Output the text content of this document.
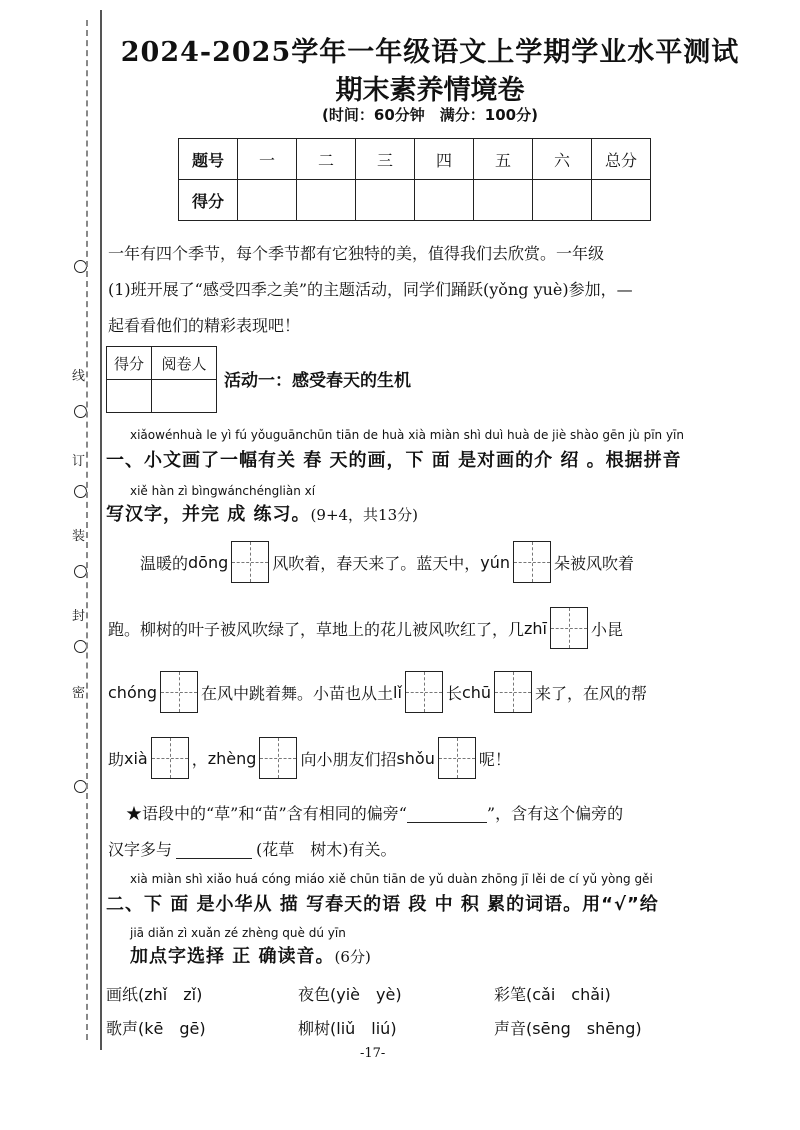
线
订
装
封
密
2024-2025学年一年级语文上学期学业水平测试
期末素养情境卷
(时间：60分钟　满分：100分)
题号	一	二	三	四	五	六	总分
得分							
一年有四个季节，每个季节都有它独特的美，值得我们去欣赏。一年级
(1)班开展了“感受四季之美”的主题活动，同学们踊跃(yǒng yuè)参加，—
起看看他们的精彩表现吧！
得分	阅卷人

活动一：感受春天的生机
xiǎowénhuà le yì fú yǒuguānchūn tiān de huà xià miàn shì duì huà de jiè shào gēn jù pīn yīn
一、小文画了一幅有关 春 天的画，下 面 是对画的介 绍 。根据拼音
xiě hàn zì bìngwánchéngliàn xí
写汉字，并完 成 练习。(9+4，共13分)
温暖的 dōng	风吹着，春天来了。蓝天中， yún	朵被风吹着
跑。柳树的叶子被风吹绿了，草地上的花儿被风吹红了，几 zhī	小昆
chóng	在风中跳着舞。小苗也从土 lǐ	长 chū	来了，在风的帮
助 xià	， zhèng	向小朋友们招 shǒu	呢！
★语段中的“草”和“苗”含有相同的偏旁“	”，含有这个偏旁的
汉字多与	(花草　树木)有关。
xià miàn shì xiǎo huá cóng miáo xiě chūn tiān de yǔ duàn zhōng jī lěi de cí yǔ yòng gěi
二、下 面 是小华从 描 写春天的语 段 中 积 累的词语。用“√”给
jiā diǎn zì xuǎn zé zhèng què dú yīn
加点字选择 正 确读音。(6分)
画纸(zhǐ　zǐ)	夜色(yiè　yè)	彩笔(cǎi　chǎi)
歌声(kē　gē)	柳树(liǔ　liú)	声音(sēng　shēng)
-17-
